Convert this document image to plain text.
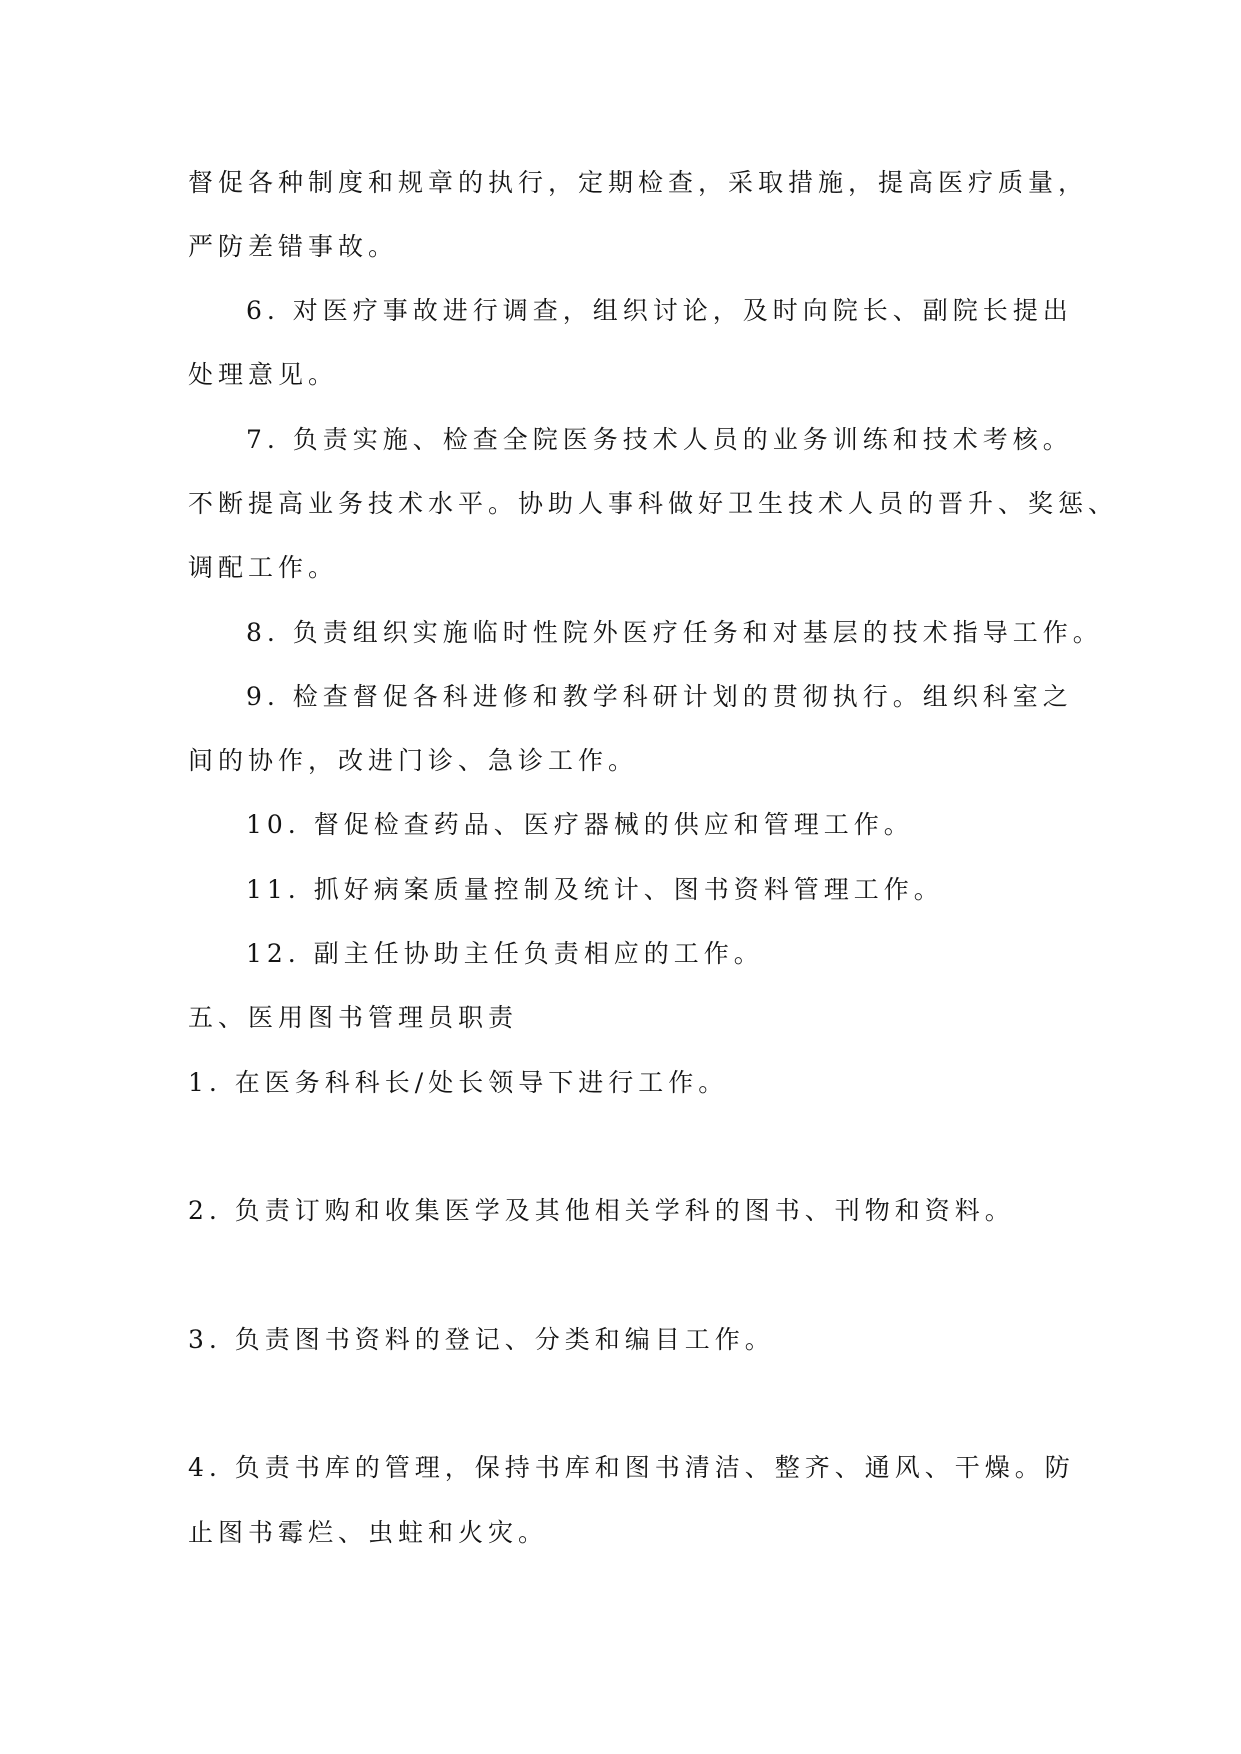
督促各种制度和规章的执行，定期检查，采取措施，提高医疗质量，

严防差错事故。

6. 对医疗事故进行调查，组织讨论，及时向院长、副院长提出

处理意见。

7. 负责实施、检查全院医务技术人员的业务训练和技术考核。

不断提高业务技术水平。协助人事科做好卫生技术人员的晋升、奖惩、

调配工作。

8. 负责组织实施临时性院外医疗任务和对基层的技术指导工作。

9. 检查督促各科进修和教学科研计划的贯彻执行。组织科室之

间的协作，改进门诊、急诊工作。

10. 督促检查药品、医疗器械的供应和管理工作。

11. 抓好病案质量控制及统计、图书资料管理工作。

12. 副主任协助主任负责相应的工作。

五、医用图书管理员职责

1. 在医务科科长/处长领导下进行工作。

2. 负责订购和收集医学及其他相关学科的图书、刊物和资料。

3. 负责图书资料的登记、分类和编目工作。

4. 负责书库的管理，保持书库和图书清洁、整齐、通风、干燥。防

止图书霉烂、虫蛀和火灾。
